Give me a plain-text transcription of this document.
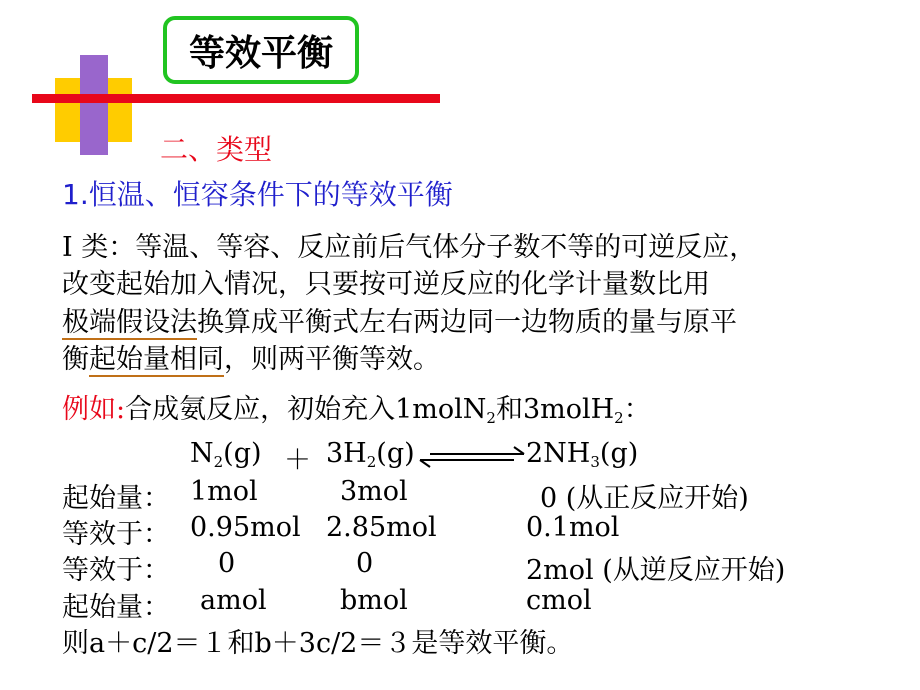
等效平衡
二、类型
1.恒温、恒容条件下的等效平衡
I 类：等温、等容、反应前后气体分子数不等的可逆反应，
改变起始加入情况，只要按可逆反应的化学计量数比用
极端假设法换算成平衡式左右两边同一边物质的量与原平
衡起始量相同，则两平衡等效。
例如:合成氨反应，初始充入1molN$_2$和3molH$_2$：
$N_2(g) + 3H_2(g)$	$2NH_3(g)$
起始量： 1mol	3mol	0 (从正反应开始)
等效于： 0.95mol 2.85mol	0.1mol
等效于： 0	0	2mol (从逆反应开始)
起始量： amol	bmol	cmol
则a＋c/2＝１和b＋3c/2＝３是等效平衡。
